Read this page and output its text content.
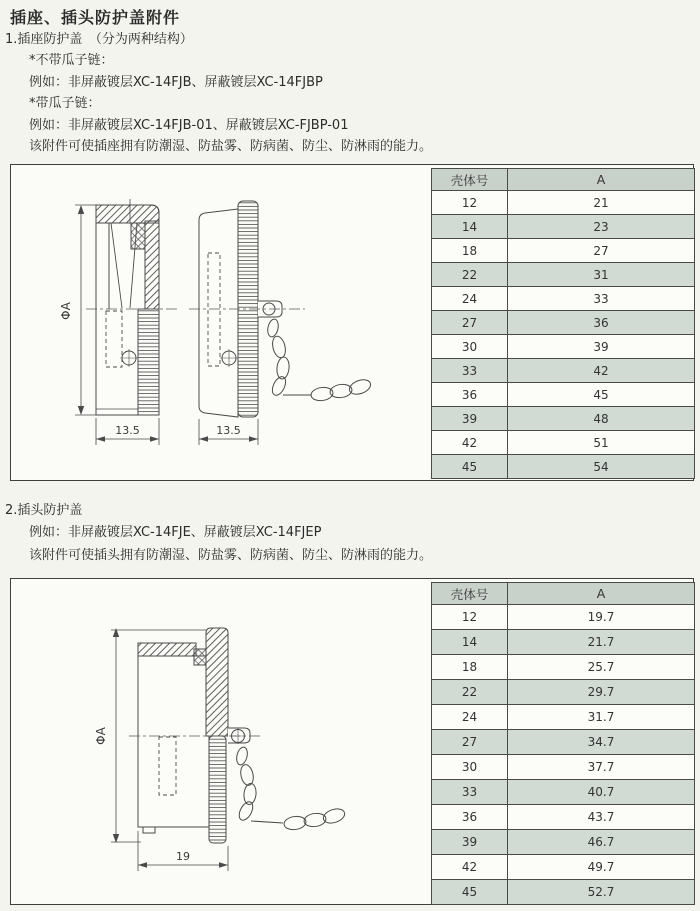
插座、插头防护盖附件
1.插座防护盖　（分为两种结构）
*不带瓜子链：
例如：非屏蔽镀层XC-14FJB、屏蔽镀层XC-14FJBP
*带瓜子链：
例如：非屏蔽镀层XC-14FJB-01、屏蔽镀层XC-FJBP-01
该附件可使插座拥有防潮湿、防盐雾、防病菌、防尘、防淋雨的能力。
ΦA
13.5	13.5
壳体号	A
12	21
14	23
18	27
22	31
24	33
27	36
30	39
33	42
36	45
39	48
42	51
45	54
2.插头防护盖
例如：非屏蔽镀层XC-14FJE、屏蔽镀层XC-14FJEP
该附件可使插头拥有防潮湿、防盐雾、防病菌、防尘、防淋雨的能力。
ΦA
19
壳体号	A
12	19.7
14	21.7
18	25.7
22	29.7
24	31.7
27	34.7
30	37.7
33	40.7
36	43.7
39	46.7
42	49.7
45	52.7
